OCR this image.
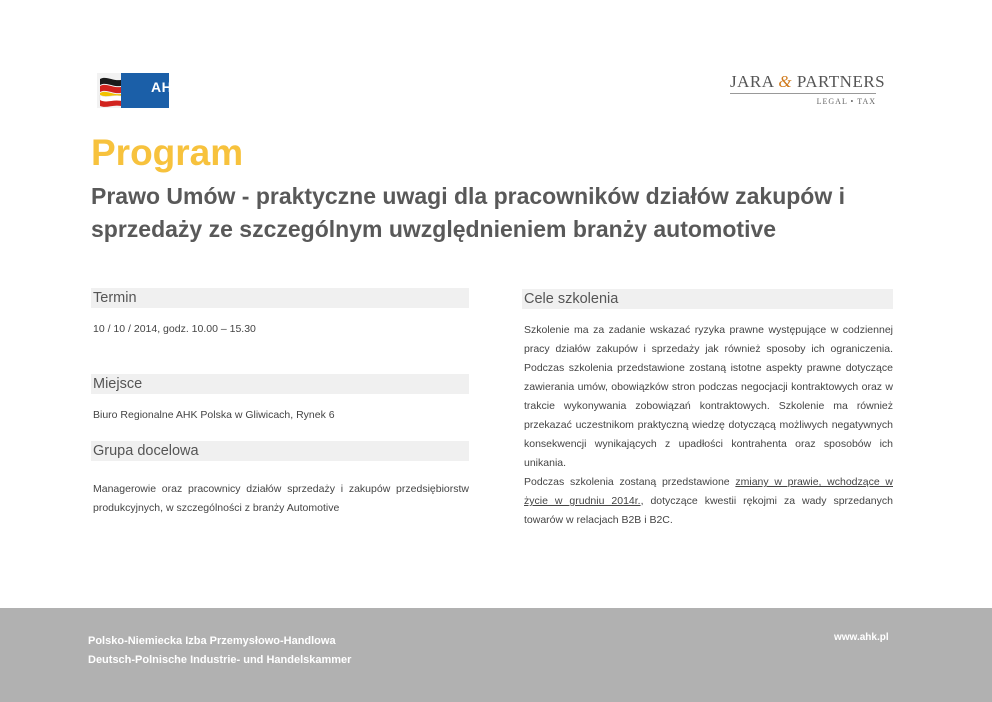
AHK	JARA & PARTNERS
LEGAL • TAX
Program
Prawo Umów - praktyczne uwagi dla pracowników działów zakupów i sprzedaży ze szczególnym uwzględnieniem branży automotive
Termin
10 / 10 / 2014, godz. 10.00 – 15.30
Miejsce
Biuro Regionalne AHK Polska w Gliwicach, Rynek 6
Grupa docelowa
Managerowie oraz pracownicy działów sprzedaży i zakupów przedsiębiorstw produkcyjnych, w szczególności z branży Automotive
Cele szkolenia
Szkolenie ma za zadanie wskazać ryzyka prawne występujące w codziennej pracy działów zakupów i sprzedaży jak również sposoby ich ograniczenia. Podczas szkolenia przedstawione zostaną istotne aspekty prawne dotyczące zawierania umów, obowiązków stron podczas negocjacji kontraktowych oraz w trakcie wykonywania zobowiązań kontraktowych. Szkolenie ma również przekazać uczestnikom praktyczną wiedzę dotyczącą możliwych negatywnych konsekwencji wynikających z upadłości kontrahenta oraz sposobów ich unikania.
Podczas szkolenia zostaną przedstawione zmiany w prawie, wchodzące w życie w grudniu 2014r., dotyczące kwestii rękojmi za wady sprzedanych towarów w relacjach B2B i B2C.
Polsko-Niemiecka Izba Przemysłowo-Handlowa
Deutsch-Polnische Industrie- und Handelskammer
www.ahk.pl
